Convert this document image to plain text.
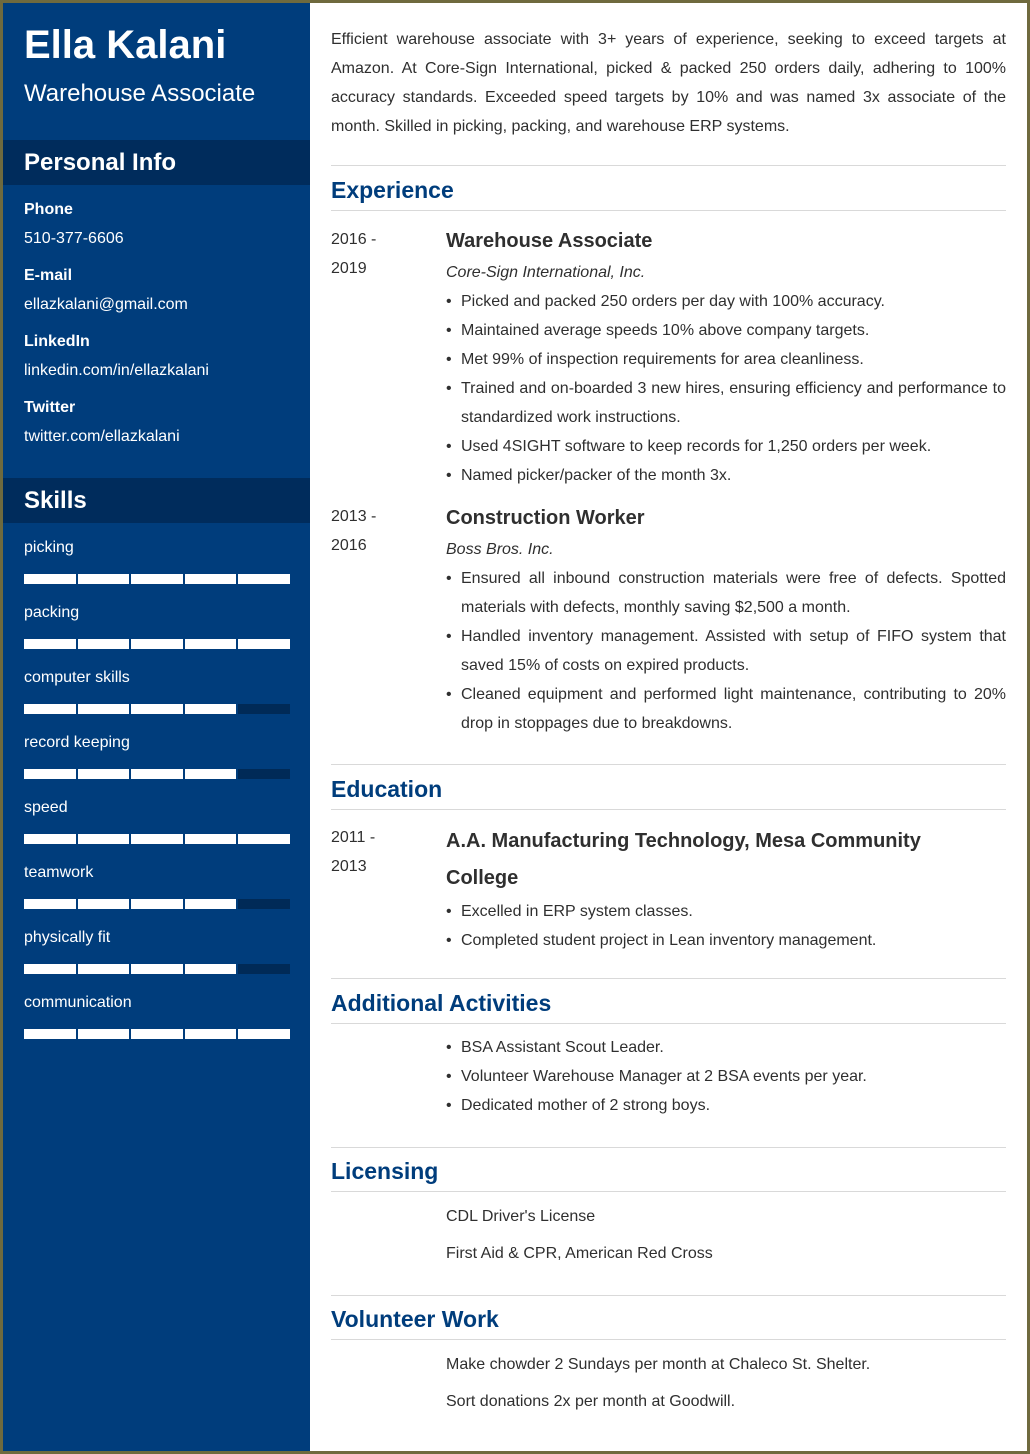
Ella Kalani
Warehouse Associate
Personal Info
Phone
510-377-6606
E-mail
ellazkalani@gmail.com
LinkedIn
linkedin.com/in/ellazkalani
Twitter
twitter.com/ellazkalani
Skills
picking
packing
computer skills
record keeping
speed
teamwork
physically fit
communication

Efficient warehouse associate with 3+ years of experience, seeking to exceed targets at Amazon. At Core-Sign International, picked & packed 250 orders daily, adhering to 100% accuracy standards. Exceeded speed targets by 10% and was named 3x associate of the month. Skilled in picking, packing, and warehouse ERP systems.

Experience
2016 -
2019
Warehouse Associate
Core-Sign International, Inc.
• Picked and packed 250 orders per day with 100% accuracy.
• Maintained average speeds 10% above company targets.
• Met 99% of inspection requirements for area cleanliness.
• Trained and on-boarded 3 new hires, ensuring efficiency and performance to standardized work instructions.
• Used 4SIGHT software to keep records for 1,250 orders per week.
• Named picker/packer of the month 3x.
2013 -
2016
Construction Worker
Boss Bros. Inc.
• Ensured all inbound construction materials were free of defects. Spotted materials with defects, monthly saving $2,500 a month.
• Handled inventory management. Assisted with setup of FIFO system that saved 15% of costs on expired products.
• Cleaned equipment and performed light maintenance, contributing to 20% drop in stoppages due to breakdowns.
Education
2011 -
2013
A.A. Manufacturing Technology, Mesa Community College
• Excelled in ERP system classes.
• Completed student project in Lean inventory management.
Additional Activities
• BSA Assistant Scout Leader.
• Volunteer Warehouse Manager at 2 BSA events per year.
• Dedicated mother of 2 strong boys.
Licensing
CDL Driver's License
First Aid & CPR, American Red Cross
Volunteer Work
Make chowder 2 Sundays per month at Chaleco St. Shelter.
Sort donations 2x per month at Goodwill.
